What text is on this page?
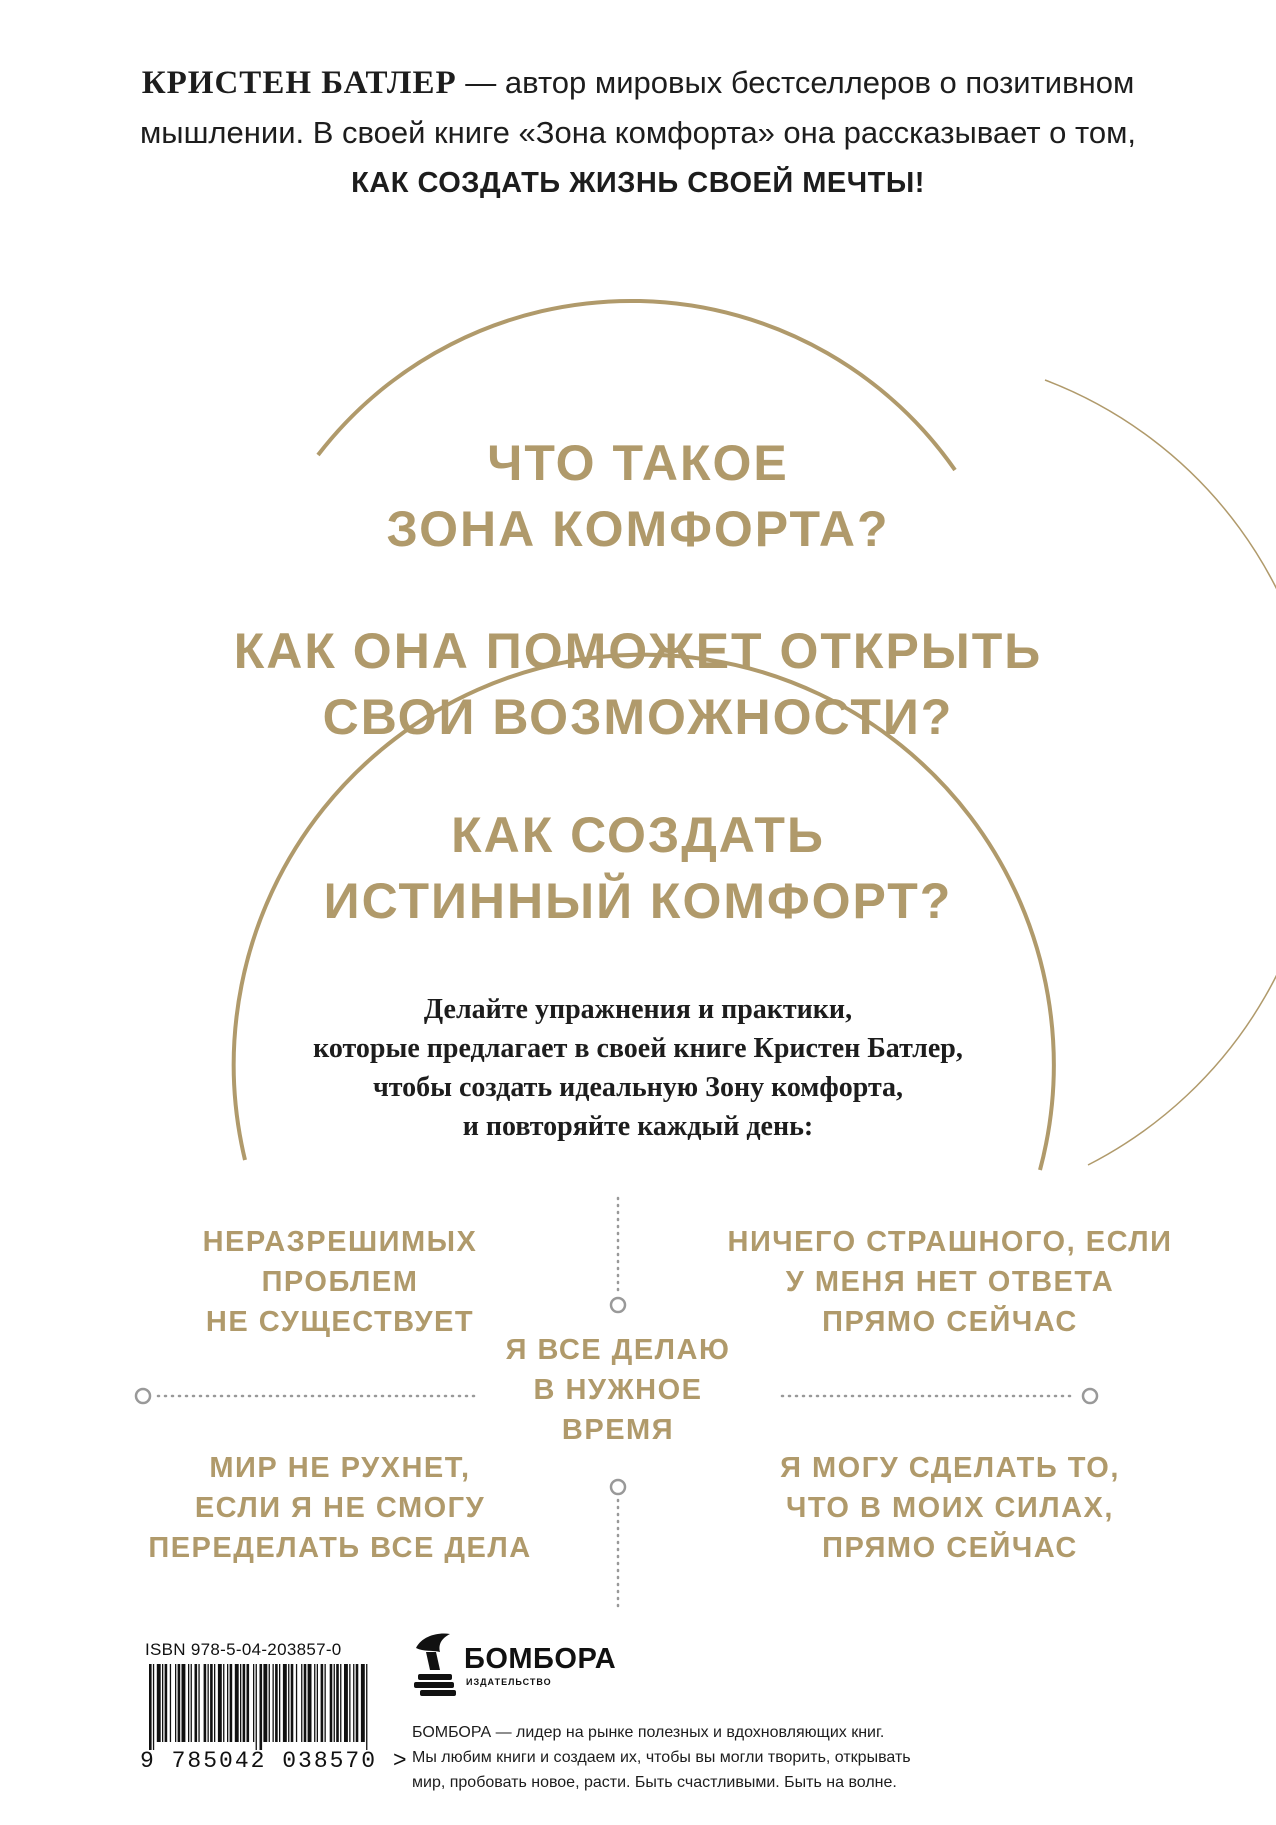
КРИСТЕН БАТЛЕР — автор мировых бестселлеров о позитивном
мышлении. В своей книге «Зона комфорта» она рассказывает о том,
КАК СОЗДАТЬ ЖИЗНЬ СВОЕЙ МЕЧТЫ!
ЧТО ТАКОЕ
ЗОНА КОМФОРТА?
КАК ОНА ПОМОЖЕТ ОТКРЫТЬ
СВОИ ВОЗМОЖНОСТИ?
КАК СОЗДАТЬ
ИСТИННЫЙ КОМФОРТ?
Делайте упражнения и практики,
которые предлагает в своей книге Кристен Батлер,
чтобы создать идеальную Зону комфорта,
и повторяйте каждый день:
НЕРАЗРЕШИМЫХ
ПРОБЛЕМ
НЕ СУЩЕСТВУЕТ
НИЧЕГО СТРАШНОГО, ЕСЛИ
У МЕНЯ НЕТ ОТВЕТА
ПРЯМО СЕЙЧАС
Я ВСЕ ДЕЛАЮ
В НУЖНОЕ
ВРЕМЯ
МИР НЕ РУХНЕТ,
ЕСЛИ Я НЕ СМОГУ
ПЕРЕДЕЛАТЬ ВСЕ ДЕЛА
Я МОГУ СДЕЛАТЬ ТО,
ЧТО В МОИХ СИЛАХ,
ПРЯМО СЕЙЧАС
ISBN 978-5-04-203857-0
9 785042 038570 >
БОМБОРА
ИЗДАТЕЛЬСТВО
БОМБОРА — лидер на рынке полезных и вдохновляющих книг.
Мы любим книги и создаем их, чтобы вы могли творить, открывать
мир, пробовать новое, расти. Быть счастливыми. Быть на волне.
